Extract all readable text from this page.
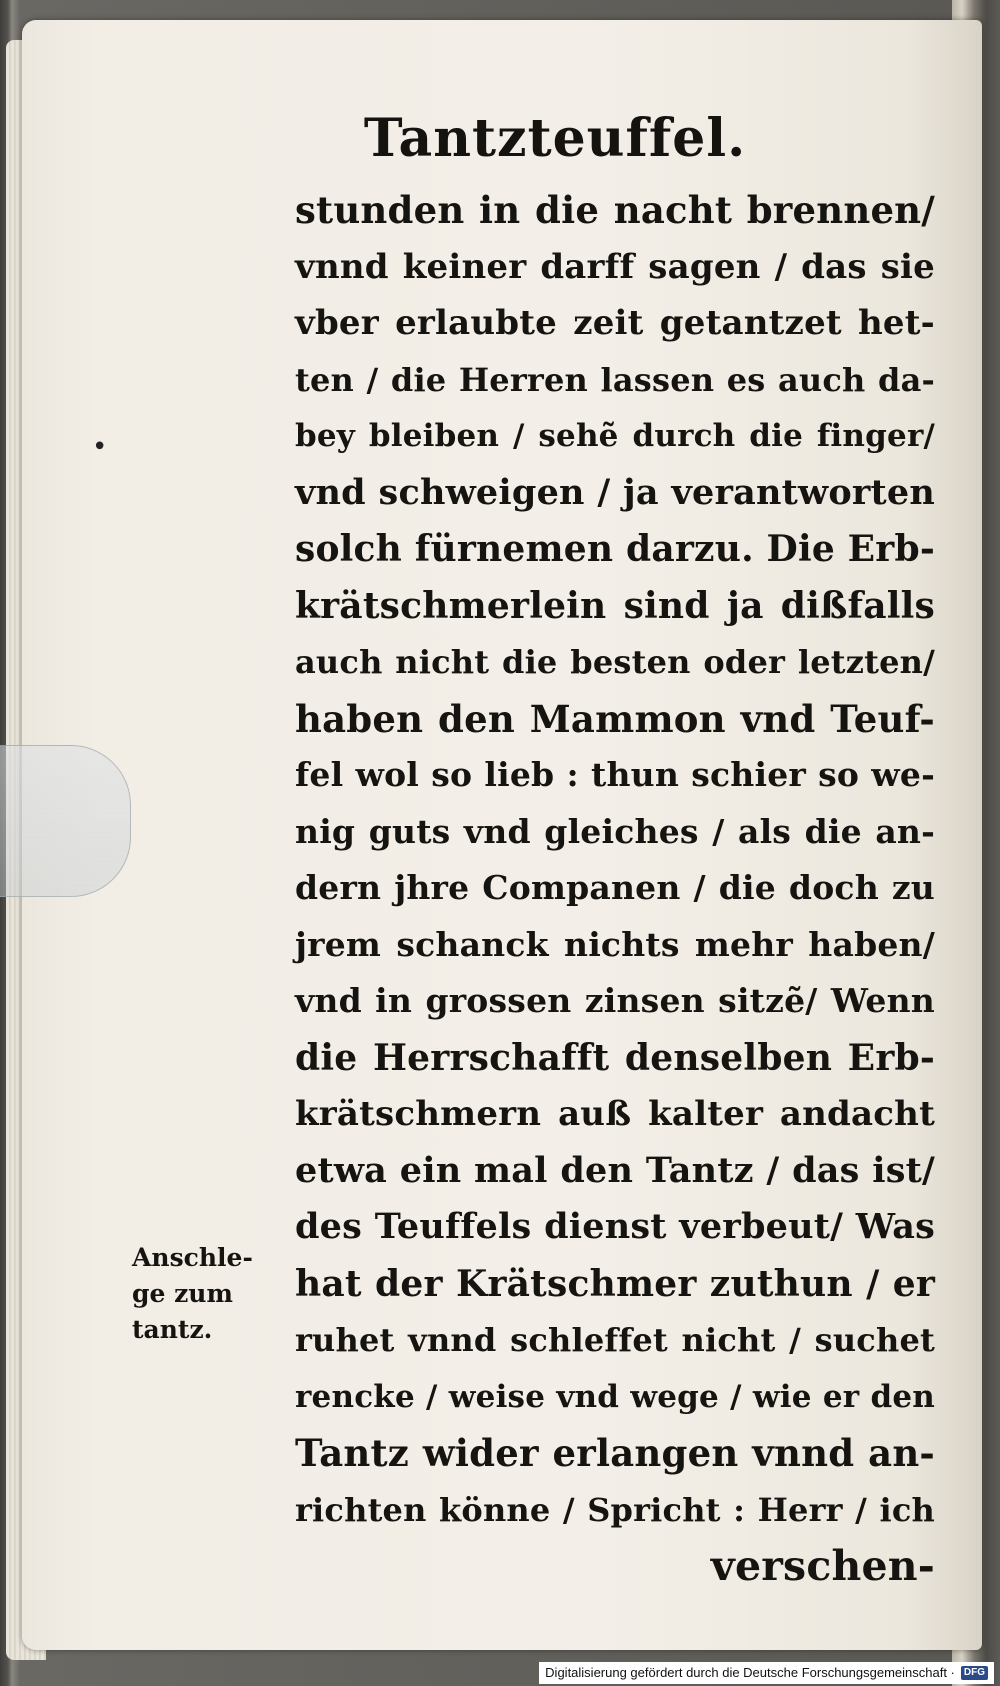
Tantzteuffel.
•
stunden in die nacht brennen/
vnnd keiner darff sagen / das sie
vber erlaubte zeit getantzet het-
ten / die Herren lassen es auch da-
bey bleiben / sehẽ durch die finger/
vnd schweigen / ja verantworten
solch fürnemen darzu. Die Erb-
krätschmerlein sind ja dißfalls
auch nicht die besten oder letzten/
haben den Mammon vnd Teuf-
fel wol so lieb : thun schier so we-
nig guts vnd gleiches / als die an-
dern jhre Companen / die doch zu
jrem schanck nichts mehr haben/
vnd in grossen zinsen sitzẽ/ Wenn
die Herrschafft denselben Erb-
krätschmern auß kalter andacht
etwa ein mal den Tantz / das ist/
des Teuffels dienst verbeut/ Was
hat der Krätschmer zuthun / er
ruhet vnnd schleffet nicht / suchet
rencke / weise vnd wege / wie er den
Tantz wider erlangen vnnd an-
richten könne / Spricht : Herr / ich
verschen-
Anschle-
ge zum
tantz.
Digitalisierung gefördert durch die Deutsche Forschungsgemeinschaft · DFG
